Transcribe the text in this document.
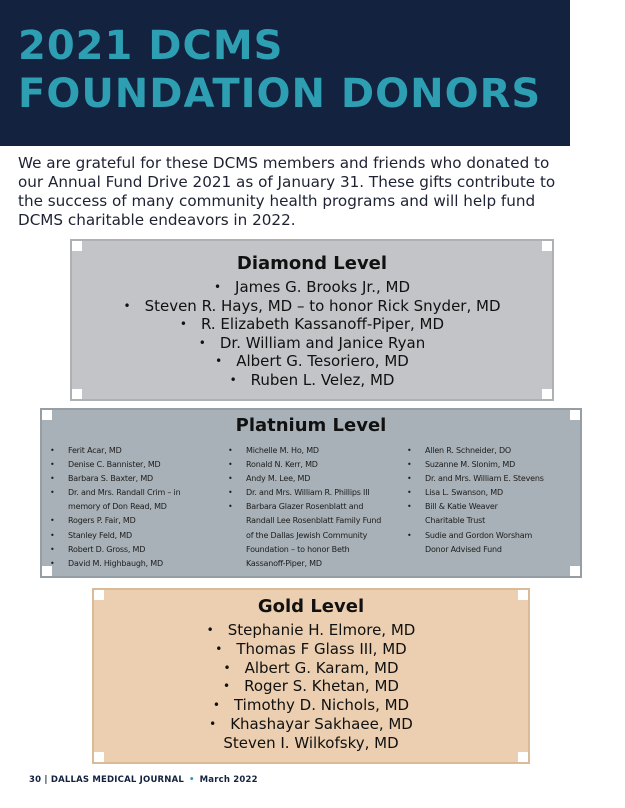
2021 DCMS
FOUNDATION DONORS

We are grateful for these DCMS members and friends who donated to our Annual Fund Drive 2021 as of January 31. These gifts contribute to the success of many community health programs and will help fund DCMS charitable endeavors in 2022.

Diamond Level
• James G. Brooks Jr., MD
• Steven R. Hays, MD – to honor Rick Snyder, MD
• R. Elizabeth Kassanoff-Piper, MD
• Dr. William and Janice Ryan
• Albert G. Tesoriero, MD
• Ruben L. Velez, MD
Platnium Level
• Ferit Acar, MD
• Denise C. Bannister, MD
• Barbara S. Baxter, MD
• Dr. and Mrs. Randall Crim – in
memory of Don Read, MD
• Rogers P. Fair, MD
• Stanley Feld, MD
• Robert D. Gross, MD
• David M. Highbaugh, MD
• Michelle M. Ho, MD
• Ronald N. Kerr, MD
• Andy M. Lee, MD
• Dr. and Mrs. William R. Phillips III
• Barbara Glazer Rosenblatt and
Randall Lee Rosenblatt Family Fund
of the Dallas Jewish Community
Foundation – to honor Beth
Kassanoff-Piper, MD
• Allen R. Schneider, DO
• Suzanne M. Slonim, MD
• Dr. and Mrs. William E. Stevens
• Lisa L. Swanson, MD
• Bill & Katie Weaver
Charitable Trust
• Sudie and Gordon Worsham
Donor Advised Fund
Gold Level
• Stephanie H. Elmore, MD
• Thomas F Glass III, MD
• Albert G. Karam, MD
• Roger S. Khetan, MD
• Timothy D. Nichols, MD
• Khashayar Sakhaee, MD
Steven I. Wilkofsky, MD
30 | DALLAS MEDICAL JOURNAL • March 2022
